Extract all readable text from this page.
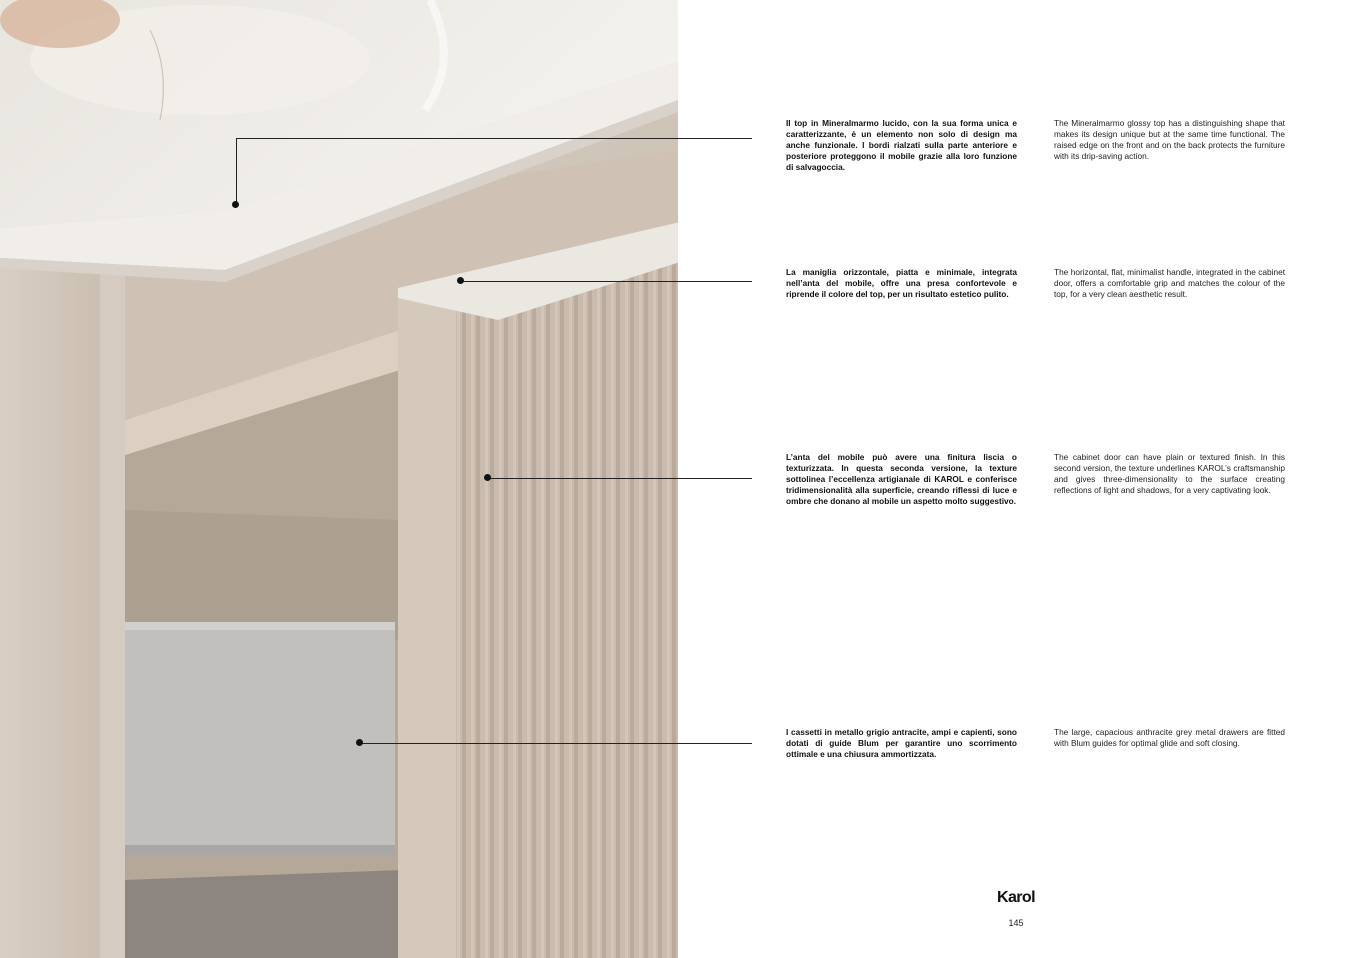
Il top in Mineralmarmo lucido, con la sua forma unica e caratterizzante, è un elemento non solo di design ma anche funzionale. I bordi rialzati sulla parte anteriore e posteriore proteggono il mobile grazie alla loro funzione di salvagoccia.
The Mineralmarmo glossy top has a distinguishing shape that makes its design unique but at the same time functional. The raised edge on the front and on the back protects the furniture with its drip-saving action.
La maniglia orizzontale, piatta e minimale, integrata nell’anta del mobile, offre una presa confortevole e riprende il colore del top, per un risultato estetico pulito.
The horizontal, flat, minimalist handle, integrated in the cabinet door, offers a comfortable grip and matches the colour of the top, for a very clean aesthetic result.
L’anta del mobile può avere una finitura liscia o texturizzata. In questa seconda versione, la texture sottolinea l’eccellenza artigianale di KAROL e conferisce tridimensionalità alla superficie, creando riflessi di luce e ombre che donano al mobile un aspetto molto suggestivo.
The cabinet door can have plain or textured finish. In this second version, the texture underlines KAROL’s craftsmanship and gives three-dimensionality to the surface creating reflections of light and shadows, for a very captivating look.
I cassetti in metallo grigio antracite, ampi e capienti, sono dotati di guide Blum per garantire uno scorrimento ottimale e una chiusura ammortizzata.
The large, capacious anthracite grey metal drawers are fitted with Blum guides for optimal glide and soft closing.
Karol
145
